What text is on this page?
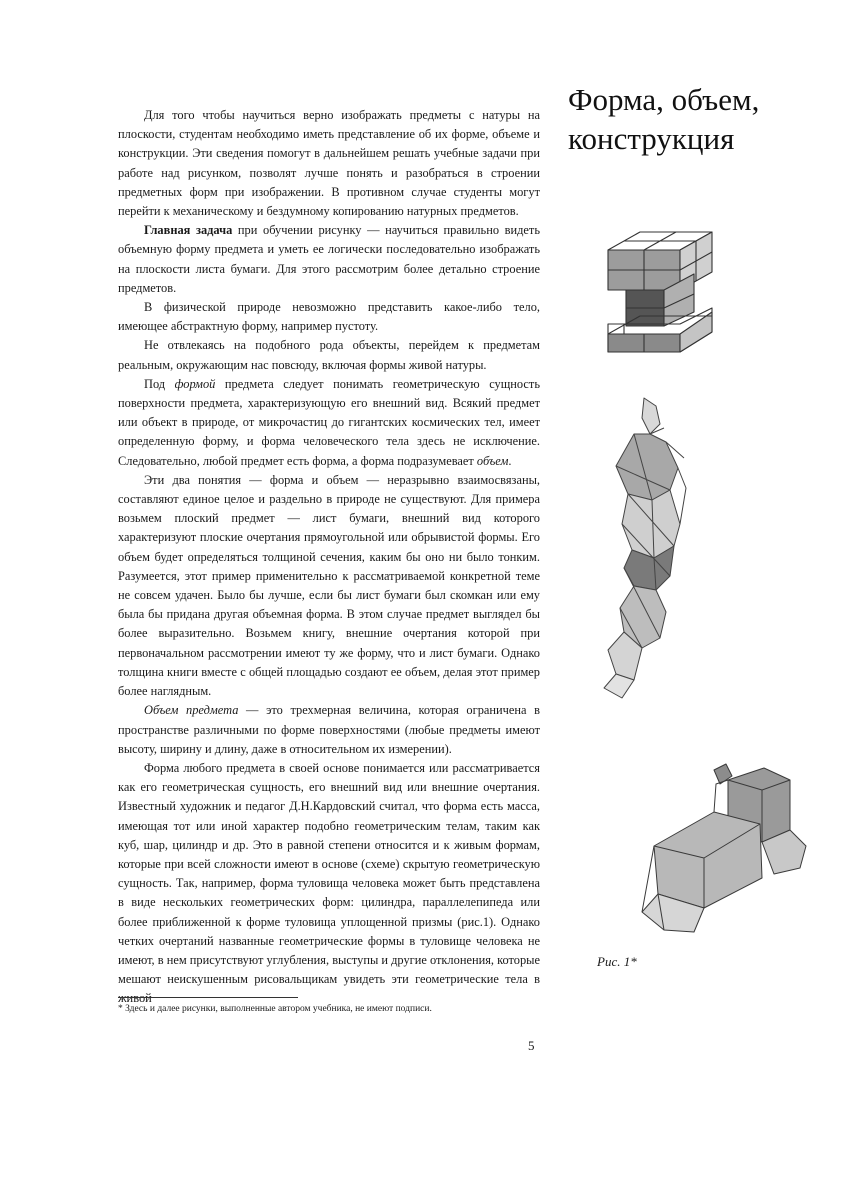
Форма, объем,
конструкция

Для того чтобы научиться верно изображать предметы с натуры на плоскости, студентам необходимо иметь представление об их форме, объеме и конструкции. Эти сведения помогут в дальнейшем решать учебные задачи при работе над рисунком, позволят лучше понять и разобраться в строении предметных форм при изображении. В противном случае студенты могут перейти к механическому и бездумному копированию натурных предметов.

Главная задача при обучении рисунку — научиться правильно видеть объемную форму предмета и уметь ее логически последовательно изображать на плоскости листа бумаги. Для этого рассмотрим более детально строение предметов.

В физической природе невозможно представить какое-либо тело, имеющее абстрактную форму, например пустоту.

Не отвлекаясь на подобного рода объекты, перейдем к предметам реальным, окружающим нас повсюду, включая формы живой натуры.

Под формой предмета следует понимать геометрическую сущность поверхности предмета, характеризующую его внешний вид. Всякий предмет или объект в природе, от микрочастиц до гигантских космических тел, имеет определенную форму, и форма человеческого тела здесь не исключение. Следовательно, любой предмет есть форма, а форма подразумевает объем.

Эти два понятия — форма и объем — неразрывно взаимосвязаны, составляют единое целое и раздельно в природе не существуют. Для примера возьмем плоский предмет — лист бумаги, внешний вид которого характеризуют плоские очертания прямоугольной или обрывистой формы. Его объем будет определяться толщиной сечения, каким бы оно ни было тонким. Разумеется, этот пример применительно к рассматриваемой конкретной теме не совсем удачен. Было бы лучше, если бы лист бумаги был скомкан или ему была бы придана другая объемная форма. В этом случае предмет выглядел бы более выразительно. Возьмем книгу, внешние очертания которой при первоначальном рассмотрении имеют ту же форму, что и лист бумаги. Однако толщина книги вместе с общей площадью создают ее объем, делая этот пример более наглядным.

Объем предмета — это трехмерная величина, которая ограничена в пространстве различными по форме поверхностями (любые предметы имеют высоту, ширину и длину, даже в относительном их измерении).

Форма любого предмета в своей основе понимается или рассматривается как его геометрическая сущность, его внешний вид или внешние очертания. Известный художник и педагог Д.Н.Кардовский считал, что форма есть масса, имеющая тот или иной характер подобно геометрическим телам, таким как куб, шар, цилиндр и др. Это в равной степени относится и к живым формам, которые при всей сложности имеют в основе (схеме) скрытую геометрическую сущность. Так, например, форма туловища человека может быть представлена в виде нескольких геометрических форм: цилиндра, параллелепипеда или более приближенной к форме туловища уплощенной призмы (рис.1). Однако четких очертаний названные геометрические формы в туловище человека не имеют, в нем присутствуют углубления, выступы и другие отклонения, которые мешают неискушенным рисовальщикам увидеть эти геометрические тела в живой

* Здесь и далее рисунки, выполненные автором учебника, не имеют подписи.
5
Рис. 1*
